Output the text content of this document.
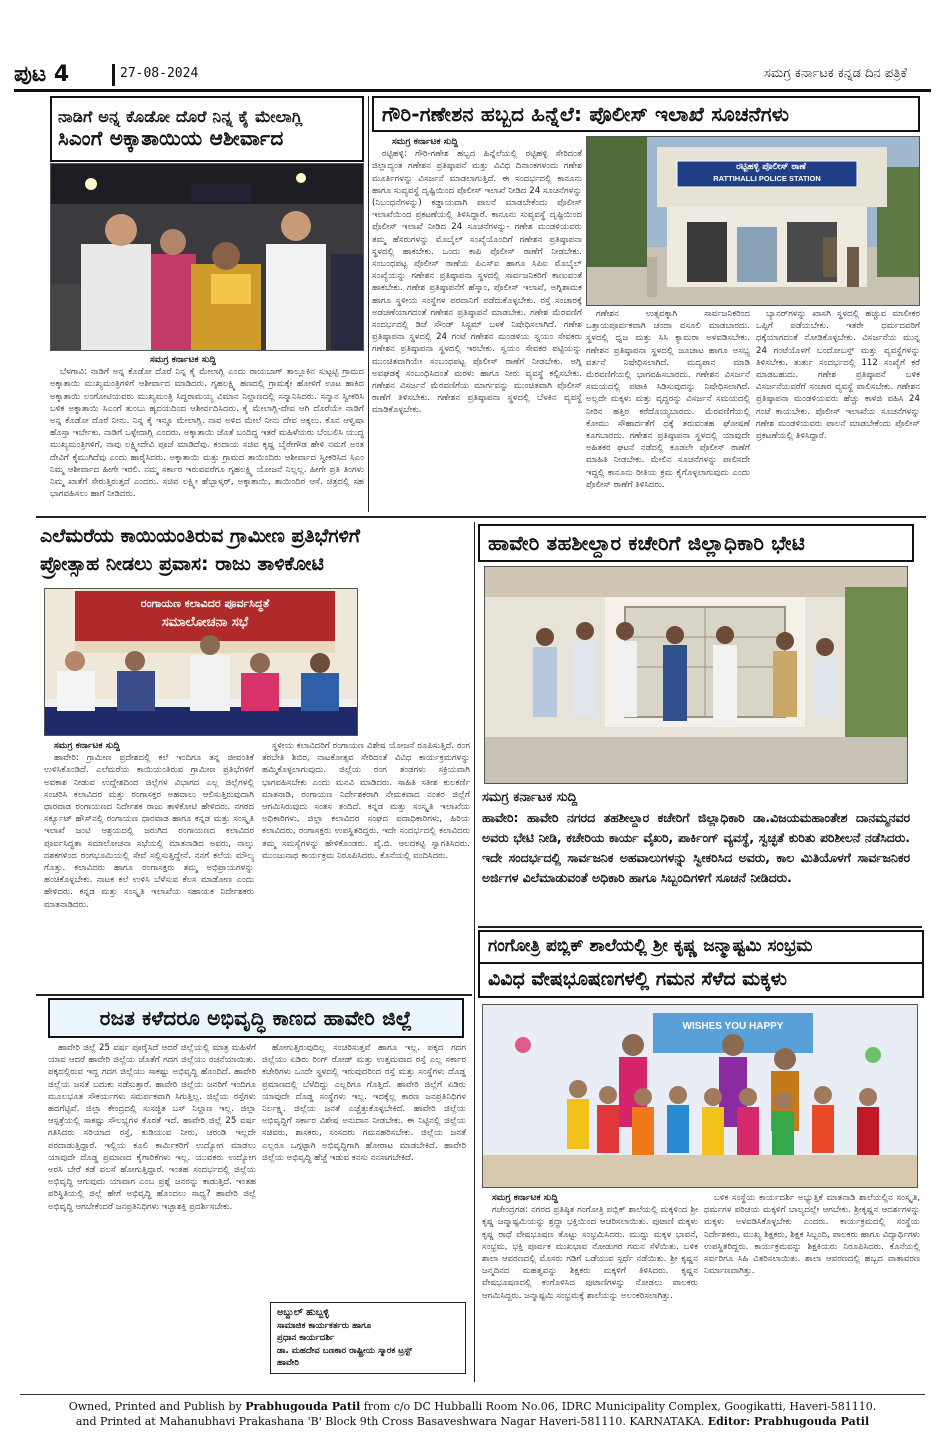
ಪುಟ 4	27-08-2024	ಸಮಗ್ರ ಕರ್ನಾಟಕ ಕನ್ನಡ ದಿನ ಪತ್ರಿಕೆ
ನಾಡಿಗೆ ಅನ್ನ ಕೊಡೋ ದೊರೆ ನಿನ್ನ ಕೈ ಮೇಲಾಗ್ಲಿ
ಸಿಎಂಗೆ ಅಕ್ಕಾತಾಯಿಯ ಆಶೀರ್ವಾದ
ಸಮಗ್ರ ಕರ್ನಾಟಕ ಸುದ್ದಿ

ಬೆಳಗಾವಿ: ನಾಡಿಗೆ ಅನ್ನ ಕೊಡೋ ದೊರೆ ನಿನ್ನ ಕೈ ಮೇಲಾಗ್ಲಿ ಎಂದು ರಾಯಬಾಗ್ ತಾಲ್ಲೂಕಿನ ಸುಟ್ಟಟ್ಟಿ ಗ್ರಾಮದ ಅಕ್ಕಾತಾಯಿ ಮುಖ್ಯಮಂತ್ರಿಗಳಿಗೆ ಆಶೀರ್ವಾದ ಮಾಡಿದರು. ಗೃಹಲಕ್ಷ್ಮಿ ಹಣದಲ್ಲಿ ಗ್ರಾಮಕ್ಕೇ ಹೋಳಿಗೆ ಊಟ ಹಾಕಿದ ಅಕ್ಕಾತಾಯಿ ಲಂಗೋಟಿಯವರು ಮುಖ್ಯಮಂತ್ರಿ ಸಿದ್ದರಾಮಯ್ಯ ವಿಮಾನ ನಿಲ್ದಾಣದಲ್ಲಿ ಸನ್ಮಾನಿಸಿದರು. ಸನ್ಮಾನ ಸ್ವೀಕರಿಸಿ ಬಳಿಕ ಅಕ್ಕಾತಾಯಿ ಸಿಎಂಗೆ ತುಂಬು ಹೃದಯದಿಂದ ಆಶೀರ್ವದಿಸಿದರು. ಕೈ ಮೇಲಾಗ್ಲಿ-ದೇವ ಆಗಿ ದೊರೆಯೇ ನಾಡಿಗೆ ಅನ್ನ ಕೊಡೋ ದೊರೆ ನೀನು. ನಿನ್ನ ಕೈ ಇನ್ನೂ ಮೇಲಾಗ್ಲಿ. ನಾವ ಅಳಿದ ಮೇಲೆ ನೀನು ದೇವ ಅಕ್ಕಲು. ಕೊನ ಆಳ್ವಿಷಾ ಹೊಸ್ತಾ ಇರ್ಬೇಕು. ನಾಡಿಗೆ ಒಳ್ಳೇದಾಗ್ಲಿ ಎಂದರು. ಅಕ್ಕಾತಾಯಿ ಜೊತೆ ಬಂದಿದ್ದ ಇತರೆ ಮಹಿಳೆಯರು ಬೆಂಬಲಿಸಿ ಯುದ್ಧ ಮುಖ್ಯಮಂತ್ರಿಗಳಿಗೆ, ನಾವು ಲಕ್ಷ್ಮೀದೇವಿ ಪೂಜೆ ಮಾಡಿದೆವು. ಕಂದಾಯ ಸಚಿವ ಕೃಷ್ಣ ಬೈರೇಗೌಡ ಹೇಳಿ ನಮಗೆ ಅಂತ ದೇವಿಗೆ ಕೈಮುಗಿದೆವು ಎಂದು ಹಾರೈಸಿದರು. ಅಕ್ಕಾತಾಯಿ ಮತ್ತು ಗ್ರಾಮದ ತಾಯಿಂದಿರು ಆಶೀರ್ವಾದ ಸ್ವೀಕರಿಸಿದ ಸಿಎಂ ನಿಮ್ಮ ಆಶೀರ್ವಾದ ಹೀಗೇ ಇರಲಿ. ನಮ್ಮ ಸರ್ಕಾರ ಇರುವವರೆಗೂ ಗೃಹಲಕ್ಷ್ಮಿ ಯೋಜನೆ ನಿಲ್ಲಲ್ಲ. ಹೀಗೇ ಪ್ರತಿ ತಿಂಗಳು ನಿಮ್ಮ ಖಾತೆಗೆ ಸೇರುತ್ತಿರುತ್ತದೆ ಎಂದರು. ಸಚಿವ ಲಕ್ಷ್ಮೀ ಹೆಬ್ಬಾಳ್ಕರ್, ಅಕ್ಕಾತಾಯಿ, ತಾಯಿಂದಿರ ಆಸೆ. ಚಿತ್ರದಲ್ಲಿ ಸಹ ಭಾಗವಹಿಸಲು ಹಾಗೆ ನೀಡಿದರು.

ಗೌರಿ-ಗಣೇಶನ ಹಬ್ಬದ ಹಿನ್ನೆಲೆ: ಪೊಲೀಸ್ ಇಲಾಖೆ ಸೂಚನೆಗಳು
ಸಮಗ್ರ ಕರ್ನಾಟಕ ಸುದ್ದಿ

ರಟ್ಟಿಹಳ್ಳಿ: ಗೌರಿ-ಗಣೇಶ ಹಬ್ಬದ ಹಿನ್ನೆಲೆಯಲ್ಲಿ ರಟ್ಟಿಹಳ್ಳಿ ಸೇರಿದಂತೆ ಜಿಲ್ಲಾದ್ಯಂತ ಗಣೇಶನ ಪ್ರತಿಷ್ಠಾಪನೆ ಮತ್ತು ವಿವಿಧ ದಿನಾಂಕಗಳಂದು ಗಣೇಶ ಮೂರ್ತಿಗಳನ್ನು ವಿಸರ್ಜನೆ ಮಾಡಲಾಗುತ್ತಿದೆ. ಈ ಸಂದರ್ಭದಲ್ಲಿ ಕಾನೂನು ಹಾಗೂ ಸುವ್ಯವಸ್ಥೆ ದೃಷ್ಟಿಯಿಂದ ಪೊಲೀಸ್ ಇಲಾಖೆ ನೀಡಿದ 24 ಸೂಚನೆಗಳನ್ನು (ನಿಬಂಧನೆಗಳನ್ನು) ಕಡ್ಡಾಯವಾಗಿ ಪಾಲನೆ ಮಾಡಬೇಕೆಂದು ಪೊಲೀಸ್ ಇಲಾಖೆಯಿಂದ ಪ್ರಕಟಣೆಯಲ್ಲಿ ತಿಳಿಸಿದ್ದಾರೆ. ಕಾನೂನು ಸುವ್ಯವಸ್ಥೆ ದೃಷ್ಟಿಯಿಂದ ಪೊಲೀಸ್ ಇಲಾಖೆ ನೀಡಿದ 24 ಸೂಚನೆಗಳನ್ನು- ಗಣೇಶ ಮಂಡಳಿಯವರು ತಮ್ಮ ಹೆಸರುಗಳನ್ನು ಮೊಬೈಲ್ ಸಂಖ್ಯೆಯೊಂದಿಗೆ ಗಣೇಶನ ಪ್ರತಿಷ್ಠಾಪನಾ ಸ್ಥಳದಲ್ಲಿ ಹಾಕಬೇಕು. ಒಂದು ಕಾಪಿ ಪೊಲೀಸ್ ಠಾಣೆಗೆ ನೀಡಬೇಕು. ಸಂಬಂಧಪಟ್ಟ ಪೊಲೀಸ್ ಠಾಣೆಯ ಪಿಎಸ್‌ಐ ಹಾಗೂ ಸಿಪಿಐ ಮೊಬೈಲ್ ಸಂಖ್ಯೆಯನ್ನು ಗಣೇಶನ ಪ್ರತಿಷ್ಠಾಪನಾ ಸ್ಥಳದಲ್ಲಿ ಸಾರ್ವಜನಿಕರಿಗೆ ಕಾಣುವಂತೆ ಹಾಕಬೇಕು. ಗಣೇಶ ಪ್ರತಿಷ್ಠಾಪನೆಗೆ ಹೆಸ್ಕಾಂ, ಪೊಲೀಸ್ ಇಲಾಖೆ, ಅಗ್ನಿಶಾಮಕ ಹಾಗೂ ಸ್ಥಳೀಯ ಸಂಸ್ಥೆಗಳ ಪರವಾನಿಗೆ ಪಡೆದುಕೊಳ್ಳಬೇಕು. ರಸ್ತೆ ಸಂಚಾರಕ್ಕೆ ಅಡಚಣೆಯಾಗದಂತೆ ಗಣೇಶನ ಪ್ರತಿಷ್ಠಾಪನೆ ಮಾಡಬೇಕು. ಗಣೇಶ ಮೆರವಣಿಗೆ ಸಂದರ್ಭದಲ್ಲಿ ಡಿಜೆ ಸೌಂಡ್ ಸಿಸ್ಟಮ್ ಬಳಕೆ ನಿಷೇಧಿಸಲಾಗಿದೆ. ಗಣೇಶ ಪ್ರತಿಷ್ಠಾಪನಾ ಸ್ಥಳದಲ್ಲಿ 24 ಗಂಟೆ ಗಣೇಶನ ಮಂಡಳಿಯ ಸ್ವಯಂ ಸೇವಕರು ಗಣೇಶನ ಪ್ರತಿಷ್ಠಾಪನಾ ಸ್ಥಳದಲ್ಲಿ ಇರಬೇಕು. ಸ್ವಯಂ ಸೇವಕರ ಪಟ್ಟಿಯನ್ನು ಮುಂಚಿತವಾಗಿಯೇ ಸಂಬಂಧಪಟ್ಟ ಪೊಲೀಸ್ ಠಾಣೆಗೆ ನೀಡಬೇಕು. ಅಗ್ನಿ ಅವಘಡಕ್ಕೆ ಸಂಬಂಧಿಸಿದಂತೆ ಮರಳು ಹಾಗೂ ನೀರು ವ್ಯವಸ್ಥೆ ಕಲ್ಪಿಸಬೇಕು. ಗಣೇಶನ ವಿಸರ್ಜನೆ ಮೆರವಣಿಗೆಯ ಮಾರ್ಗವನ್ನು ಮುಂಚಿತವಾಗಿ ಪೊಲೀಸ್ ಠಾಣೆಗೆ ತಿಳಿಸಬೇಕು. ಗಣೇಶನ ಪ್ರತಿಷ್ಠಾಪನಾ ಸ್ಥಳದಲ್ಲಿ ಬೆಳಕಿನ ವ್ಯವಸ್ಥೆ ಮಾಡಿಕೊಳ್ಳಬೇಕು.

ರಟ್ಟಿಹಳ್ಳಿ ಪೊಲೀಸ್ ಠಾಣೆ
RATTIHALLI POLICE STATION

ಗಣೇಶನ ಉತ್ಸವಕ್ಕಾಗಿ ಸಾರ್ವಜನಿಕರಿಂದ ಒತ್ತಾಯಪೂರ್ವಕವಾಗಿ ಚಂದಾ ವಸೂಲಿ ಮಾಡಬಾರದು. ಸ್ಥಳದಲ್ಲಿ ಧ್ವಜ ಮತ್ತು ಸಿಸಿ ಕ್ಯಾಮರಾ ಅಳವಡಿಸಬೇಕು. ಗಣೇಶನ ಪ್ರತಿಷ್ಠಾಪನಾ ಸ್ಥಳದಲ್ಲಿ ಜೂಜಾಟ ಹಾಗೂ ಅಸಭ್ಯ ವರ್ತನೆ ನಿಷೇಧಿಸಲಾಗಿದೆ. ಮದ್ಯಪಾನ ಮಾಡಿ ಮೆರವಣಿಗೆಯಲ್ಲಿ ಭಾಗವಹಿಸಬಾರದು. ಗಣೇಶನ ವಿಸರ್ಜನೆ ಸಮಯದಲ್ಲಿ ಪಟಾಕಿ ಸಿಡಿಸುವುದನ್ನು ನಿಷೇಧಿಸಲಾಗಿದೆ. ಅಲ್ಲದೇ ಮಕ್ಕಳು ಮತ್ತು ವೃದ್ಧರನ್ನು ವಿಸರ್ಜನೆ ಸಮಯದಲ್ಲಿ ನೀರಿನ ಹತ್ತಿರ ಕರೆದೊಯ್ಯಬಾರದು. ಮೆರವಣಿಗೆಯಲ್ಲಿ ಕೋಮು ಸೌಹಾರ್ದತೆಗೆ ಧಕ್ಕೆ ತರುವಂತಹ ಘೋಷಣೆ ಕೂಗಬಾರದು. ಗಣೇಶನ ಪ್ರತಿಷ್ಠಾಪನಾ ಸ್ಥಳದಲ್ಲಿ ಯಾವುದೇ ಅಹಿತಕರ ಘಟನೆ ನಡೆದಲ್ಲಿ ಕೂಡಲೇ ಪೊಲೀಸ್ ಠಾಣೆಗೆ ಮಾಹಿತಿ ನೀಡಬೇಕು. ಮೇಲಿನ ಸೂಚನೆಗಳನ್ನು ಪಾಲಿಸದೇ ಇದ್ದಲ್ಲಿ ಕಾನೂನು ರೀತಿಯ ಕ್ರಮ ಕೈಗೊಳ್ಳಲಾಗುವುದು ಎಂದು ಪೊಲೀಸ್ ಠಾಣೆಗೆ ತಿಳಿಸಿದರು.

ಬ್ಯಾನರ್‌ಗಳನ್ನು ಖಾಸಗಿ ಸ್ಥಳದಲ್ಲಿ ಹಚ್ಚುವ ಮಾಲೀಕರ ಒಪ್ಪಿಗೆ ಪಡೆಯಬೇಕು. ಇತರೇ ಧರ್ಮದವರಿಗೆ ಧಕ್ಕೆಯಾಗದಂತೆ ನೋಡಿಕೊಳ್ಳಬೇಕು. ವಿಸರ್ಜನೆಯ ಮುನ್ನ 24 ಗಂಟೆಯೊಳಗೆ ಬಂದೋಬಸ್ತ್ ಮತ್ತು ವ್ಯವಸ್ಥೆಗಳನ್ನು ತಿಳಿಸಬೇಕು. ತುರ್ತು ಸಂದರ್ಭದಲ್ಲಿ 112 ಸಂಖ್ಯೆಗೆ ಕರೆ ಮಾಡಬಹುದು. ಗಣೇಶ ಪ್ರತಿಷ್ಠಾಪನೆ ಬಳಿಕ ವಿಸರ್ಜನೆಯವರೆಗೆ ಸಂಚಾರ ವ್ಯವಸ್ಥೆ ಪಾಲಿಸಬೇಕು. ಗಣೇಶನ ಪ್ರತಿಷ್ಠಾಪನಾ ಮಂಡಳಿಯವರು ಹೆಚ್ಚು ಕಾಳಜಿ ವಹಿಸಿ 24 ಗಂಟೆ ಕಾಯಬೇಕು. ಪೊಲೀಸ್ ಇಲಾಖೆಯ ಸೂಚನೆಗಳನ್ನು ಗಣೇಶ ಮಂಡಳಿಯವರು ಪಾಲನೆ ಮಾಡಬೇಕೆಂದು ಪೊಲೀಸ್ ಪ್ರಕಟಣೆಯಲ್ಲಿ ತಿಳಿಸಿದ್ದಾರೆ.

ಎಲೆಮರೆಯ ಕಾಯಿಯಂತಿರುವ ಗ್ರಾಮೀಣ ಪ್ರತಿಭೆಗಳಿಗೆ
ಪ್ರೋತ್ಸಾಹ ನೀಡಲು ಪ್ರವಾಸ: ರಾಜು ತಾಳಿಕೋಟಿ
ರಂಗಾಯಣ ಕಲಾವಿದರ ಪೂರ್ವಸಿದ್ಧತೆ
ಸಮಾಲೋಚನಾ ಸಭೆ
ಸಮಗ್ರ ಕರ್ನಾಟಕ ಸುದ್ದಿ

ಹಾವೇರಿ: ಗ್ರಾಮೀಣ ಪ್ರದೇಶದಲ್ಲಿ ಕಲೆ ಇಂದಿಗೂ ತನ್ನ ಜೀವಂತಿಕೆ ಉಳಿಸಿಕೊಂಡಿದೆ. ಎಲೆಮರೆಯ ಕಾಯಿಯಂತಿರುವ ಗ್ರಾಮೀಣ ಪ್ರತಿಭೆಗಳಿಗೆ ಅವಕಾಶ ನೀಡುವ ಉದ್ದೇಶದಿಂದ ಜಿಲ್ಲೆಗಳ ವಿಭಾಗದ ಎಲ್ಲ ಜಿಲ್ಲೆಗಳಲ್ಲಿ ಸಂಚರಿಸಿ ಕಲಾವಿದರ ಮತ್ತು ರಂಗಾಸಕ್ತರ ಅಹವಾಲು ಆಲಿಸುತ್ತಿರುವುದಾಗಿ ಧಾರವಾಡ ರಂಗಾಯಣದ ನಿರ್ದೇಶಕ ರಾಜು ತಾಳಿಕೋಟಿ ಹೇಳಿದರು. ನಗರದ ಸರ್ಕ್ಯೂಟ್ ಹೌಸ್‌ನಲ್ಲಿ ರಂಗಾಯಣ ಧಾರವಾಡ ಹಾಗೂ ಕನ್ನಡ ಮತ್ತು ಸಂಸ್ಕೃತಿ ಇಲಾಖೆ ಜಂಟಿ ಆಶ್ರಯದಲ್ಲಿ ಜರುಗಿದ ರಂಗಾಯಣದ ಕಲಾವಿದರ ಪೂರ್ವಸಿದ್ಧತಾ ಸಮಾಲೋಚನಾ ಸಭೆಯಲ್ಲಿ ಮಾತನಾಡಿದ ಅವರು, ನಾಲ್ಕು ದಶಕಗಳಿಂದ ರಂಗಭೂಮಿಯಲ್ಲಿ ಸೇವೆ ಸಲ್ಲಿಸುತ್ತಿದ್ದೇನೆ. ನನಗೆ ಕಲೆಯ ಮೌಲ್ಯ ಗೊತ್ತು. ಕಲಾವಿದರು ಹಾಗೂ ರಂಗಾಸಕ್ತರು ತಮ್ಮ ಅಭಿಪ್ರಾಯಗಳನ್ನು ಹಂಚಿಕೊಳ್ಳಬೇಕು. ನಾಟಕ ಕಲೆ ಉಳಿಸಿ ಬೆಳೆಸುವ ಕೆಲಸ ಮಾಡೋಣ ಎಂದು ಹೇಳಿದರು. ಕನ್ನಡ ಮತ್ತು ಸಂಸ್ಕೃತಿ ಇಲಾಖೆಯ ಸಹಾಯಕ ನಿರ್ದೇಶಕರು ಮಾತನಾಡಿದರು.

ಸ್ಥಳೀಯ ಕಲಾವಿದರಿಗೆ ರಂಗಾಯಣ ವಿಶೇಷ ಯೋಜನೆ ರೂಪಿಸುತ್ತಿದೆ. ರಂಗ ತರಬೇತಿ ಶಿಬಿರ, ನಾಟಕೋತ್ಸವ ಸೇರಿದಂತೆ ವಿವಿಧ ಕಾರ್ಯಕ್ರಮಗಳನ್ನು ಹಮ್ಮಿಕೊಳ್ಳಲಾಗುವುದು. ಜಿಲ್ಲೆಯ ರಂಗ ತಂಡಗಳು ಸಕ್ರಿಯವಾಗಿ ಭಾಗವಹಿಸಬೇಕು ಎಂದು ಮನವಿ ಮಾಡಿದರು. ಸಾಹಿತಿ ಸತೀಶ ಕುಲಕರ್ಣಿ ಮಾತನಾಡಿ, ರಂಗಾಯಣ ನಿರ್ದೇಶಕರಾಗಿ ನೇಮಕವಾದ ನಂತರ ಜಿಲ್ಲೆಗೆ ಆಗಮಿಸಿರುವುದು ಸಂತಸ ತಂದಿದೆ. ಕನ್ನಡ ಮತ್ತು ಸಂಸ್ಕೃತಿ ಇಲಾಖೆಯ ಅಧಿಕಾರಿಗಳು, ಜಿಲ್ಲಾ ಕಲಾವಿದರ ಸಂಘದ ಪದಾಧಿಕಾರಿಗಳು, ಹಿರಿಯ ಕಲಾವಿದರು, ರಂಗಾಸಕ್ತರು ಉಪಸ್ಥಿತರಿದ್ದರು. ಇದೇ ಸಂದರ್ಭದಲ್ಲಿ ಕಲಾವಿದರು ತಮ್ಮ ಸಮಸ್ಯೆಗಳನ್ನು ಹೇಳಿಕೊಂಡರು. ವೈ.ಬಿ. ಆಲದಕಟ್ಟಿ ಸ್ವಾಗತಿಸಿದರು. ಮುಂಜುನಾಥ ಕಾರ್ಯಕ್ರಮ ನಿರೂಪಿಸಿದರು. ಕೊನೆಯಲ್ಲಿ ವಂದಿಸಿದರು.

ಹಾವೇರಿ ತಹಶೀಲ್ದಾರ ಕಚೇರಿಗೆ ಜಿಲ್ಲಾಧಿಕಾರಿ ಭೇಟಿ
ಸಮಗ್ರ ಕರ್ನಾಟಕ ಸುದ್ದಿ
ಹಾವೇರಿ: ಹಾವೇರಿ ನಗರದ ತಹಶೀಲ್ದಾರ ಕಚೇರಿಗೆ ಜಿಲ್ಲಾಧಿಕಾರಿ ಡಾ.ವಿಜಯಮಹಾಂತೇಶ ದಾನಮ್ಮನವರ ಅವರು ಭೇಟಿ ನೀಡಿ, ಕಚೇರಿಯ ಕಾರ್ಯ ವೈಖರಿ, ಪಾರ್ಕಿಂಗ್ ವ್ಯವಸ್ಥೆ, ಸ್ವಚ್ಛತೆ ಕುರಿತು ಪರಿಶೀಲನೆ ನಡೆಸಿದರು. ಇದೇ ಸಂದರ್ಭದಲ್ಲಿ ಸಾರ್ವಜನಿಕ ಅಹವಾಲುಗಳನ್ನು ಸ್ವೀಕರಿಸಿದ ಅವರು, ಕಾಲ ಮಿತಿಯೊಳಗೆ ಸಾರ್ವಜನಿಕರ ಅರ್ಜಿಗಳ ವಿಲೆಮಾಡುವಂತೆ ಅಧಿಕಾರಿ ಹಾಗೂ ಸಿಬ್ಬಂದಿಗಳಿಗೆ ಸೂಚನೆ ನೀಡಿದರು.
ಗಂಗೋತ್ರಿ ಪಬ್ಲಿಕ್ ಶಾಲೆಯಲ್ಲಿ ಶ್ರೀ ಕೃಷ್ಣ ಜನ್ಮಾಷ್ಟಮಿ ಸಂಭ್ರಮ
ವಿವಿಧ ವೇಷಭೂಷಣಗಳಲ್ಲಿ ಗಮನ ಸೆಳೆದ ಮಕ್ಕಳು
WISHES YOU HAPPY
ಸಮಗ್ರ ಕರ್ನಾಟಕ ಸುದ್ದಿ

ಗಜೇಂದ್ರಗಡ: ನಗರದ ಪ್ರತಿಷ್ಠಿತ ಗಂಗೋತ್ರಿ ಪಬ್ಲಿಕ್ ಶಾಲೆಯಲ್ಲಿ ಮಕ್ಕಳಿಂದ ಶ್ರೀ ಕೃಷ್ಣ ಜನ್ಮಾಷ್ಟಮಿಯನ್ನು ಶ್ರದ್ಧಾ ಭಕ್ತಿಯಿಂದ ಆಚರಿಸಲಾಯಿತು. ಪುಟಾಣಿ ಮಕ್ಕಳು ಕೃಷ್ಣ ರಾಧೆ ವೇಷಭೂಷಣ ತೊಟ್ಟು ಸಂಭ್ರಮಿಸಿದರು. ಮುದ್ದು ಮಕ್ಕಳ ಭಾವನೆ, ಸಂಭ್ರಮ, ಭಕ್ತಿ ಪೂರ್ವಕ ಮುಖಭಾವ ನೋಡುಗರ ಗಮನ ಸೆಳೆಯಿತು. ಬಳಿಕ ಶಾಲಾ ಆವರಣದಲ್ಲಿ ಮೊಸರು ಗಡಿಗೆ ಒಡೆಯುವ ಸ್ಪರ್ಧೆ ನಡೆಯಿತು. ಶ್ರೀ ಕೃಷ್ಣನ ಜನ್ಮದಿನದ ಮಹತ್ವವನ್ನು ಶಿಕ್ಷಕರು ಮಕ್ಕಳಿಗೆ ತಿಳಿಸಿದರು. ಕೃಷ್ಣನ ವೇಷಭೂಷಣದಲ್ಲಿ ಕಂಗೊಳಿಸಿದ ಪುಟಾಣಿಗಳನ್ನು ನೋಡಲು ಪಾಲಕರು ಆಗಮಿಸಿದ್ದರು. ಜನ್ಮಾಷ್ಟಮಿ ಸಂಭ್ರಮಕ್ಕೆ ಶಾಲೆಯನ್ನು ಅಲಂಕರಿಸಲಾಗಿತ್ತು.

ಬಳಿಕ ಸಂಸ್ಥೆಯ ಕಾರ್ಯದರ್ಶಿ ಅಭ್ಯುತ್ತಿಕೆ ಮಾತನಾಡಿ ಶಾಲೆಯಲ್ಲಿನ ಸಂಸ್ಕೃತಿ, ಧರ್ಮಗಳ ಪರಿಚಯ ಮಕ್ಕಳಿಗೆ ಬಾಲ್ಯದಲ್ಲೇ ಆಗಬೇಕು. ಶ್ರೀಕೃಷ್ಣನ ಆದರ್ಶಗಳನ್ನು ಮಕ್ಕಳು ಅಳವಡಿಸಿಕೊಳ್ಳಬೇಕು ಎಂದರು. ಕಾರ್ಯಕ್ರಮದಲ್ಲಿ ಸಂಸ್ಥೆಯ ನಿರ್ದೇಶಕರು, ಮುಖ್ಯ ಶಿಕ್ಷಕರು, ಶಿಕ್ಷಕ ಸಿಬ್ಬಂದಿ, ಪಾಲಕರು ಹಾಗೂ ವಿದ್ಯಾರ್ಥಿಗಳು ಉಪಸ್ಥಿತರಿದ್ದರು. ಕಾರ್ಯಕ್ರಮವನ್ನು ಶಿಕ್ಷಕಿಯರು ನಿರೂಪಿಸಿದರು. ಕೊನೆಯಲ್ಲಿ ಸರ್ವರಿಗೂ ಸಿಹಿ ವಿತರಿಸಲಾಯಿತು. ಶಾಲಾ ಆವರಣದಲ್ಲಿ ಹಬ್ಬದ ವಾತಾವರಣ ನಿರ್ಮಾಣವಾಗಿತ್ತು.

ರಜತ ಕಳೆದರೂ ಅಭಿವೃದ್ಧಿ ಕಾಣದ ಹಾವೇರಿ ಜಿಲ್ಲೆ

ಹಾವೇರಿ ಜಿಲ್ಲೆ 25 ವರ್ಷ ಪೂರೈಸಿದೆ ಆದರೆ ಜಿಲ್ಲೆಯಲ್ಲಿ ಮಾತ್ರ ಮಹಿಳೆಗೆ ಯಾವ ಆದರೆ ಹಾವೇರಿ ಜಿಲ್ಲೆಯ ಜೊತೆಗೆ ಗದಗ ಜಿಲ್ಲೆಯು ರಚನೆಯಾಯಿತು. ಪಕ್ಕದಲ್ಲಿರುವ ಇದ್ದ ಗದಗ ಜಿಲ್ಲೆಯು ಸಾಕಷ್ಟು ಅಭಿವೃದ್ಧಿ ಹೊಂದಿದೆ. ಹಾವೇರಿ ಜಿಲ್ಲೆಯ ಜನತೆ ಬದುಕು ನಡೆಸುತ್ತಾರೆ. ಹಾವೇರಿ ಜಿಲ್ಲೆಯ ಜನರಿಗೆ ಇಂದಿಗೂ ಮೂಲಭೂತ ಸೌಕರ್ಯಗಳು ಸಮರ್ಪಕವಾಗಿ ಸಿಗುತ್ತಿಲ್ಲ. ಜಿಲ್ಲೆಯ ರಸ್ತೆಗಳು ಹದಗೆಟ್ಟಿವೆ. ಜಿಲ್ಲಾ ಕೇಂದ್ರದಲ್ಲಿ ಸುಸಜ್ಜಿತ ಬಸ್ ನಿಲ್ದಾಣ ಇಲ್ಲ. ಜಿಲ್ಲಾ ಆಸ್ಪತ್ರೆಯಲ್ಲಿ ಸಾಕಷ್ಟು ಸೌಲಭ್ಯಗಳ ಕೊರತೆ ಇದೆ. ಹಾವೇರಿ ಜಿಲ್ಲೆ 25 ವರ್ಷ ಗತಿಸಿದರು ಸರಿಯಾದ ರಸ್ತೆ, ಕುಡಿಯುವ ನೀರು, ಚರಂಡಿ ಇಲ್ಲದೇ ಪರದಾಡುತ್ತಿದ್ದಾರೆ. ಇಲ್ಲಿಯ ಕೂಲಿ ಕಾರ್ಮಿಕರಿಗೆ ಉದ್ಯೋಗ ಮಾಡಲು ಯಾವುದೇ ದೊಡ್ಡ ಪ್ರಮಾಣದ ಕೈಗಾರಿಕೆಗಳು ಇಲ್ಲ. ಯುವಕರು ಉದ್ಯೋಗ ಅರಸಿ ಬೇರೆ ಕಡೆ ವಲಸೆ ಹೋಗುತ್ತಿದ್ದಾರೆ. ಇಂತಹ ಸಂದರ್ಭದಲ್ಲಿ ಜಿಲ್ಲೆಯ ಅಭಿವೃದ್ಧಿ ಆಗುವುದು ಯಾವಾಗ ಎಂಬ ಪ್ರಶ್ನೆ ಜನರನ್ನು ಕಾಡುತ್ತಿದೆ. ಇಂತಹ ಪರಿಸ್ಥಿತಿಯಲ್ಲಿ ಜಿಲ್ಲೆ ಹೇಗೆ ಅಭಿವೃದ್ಧಿ ಹೊಂದಲು ಸಾಧ್ಯ? ಹಾವೇರಿ ಜಿಲ್ಲೆ ಅಭಿವೃದ್ಧಿ ಆಗಬೇಕೆಂದರೆ ಜನಪ್ರತಿನಿಧಿಗಳು ಇಚ್ಛಾಶಕ್ತಿ ಪ್ರದರ್ಶಿಸಬೇಕು.

ಹೋಗುತ್ತಿರುವುದಿಲ್ಲ ಸಂಚರಿಸುತ್ತವೆ ಹಾಗೂ ಇಲ್ಲ. ಪಕ್ಕದ ಗದಗ ಜಿಲ್ಲೆಯು ಏಡಿರು ರಿಂಗ್ ರೋಡ್ ಮತ್ತು ಉತ್ತಮವಾದ ರಸ್ತೆ ಎಲ್ಲ ಸರ್ಕಾರ ಕಚೇರಿಗಳು ಒಂದೇ ಸ್ಥಳದಲ್ಲಿ ಇರುವುದರಿಂದ ರಸ್ತೆ ಮತ್ತು ಸಂಸ್ಥೆಗಳು ದೊಡ್ಡ ಪ್ರಮಾಣದಲ್ಲಿ ಬೆಳೆದಿದ್ದು ಎಲ್ಲರಿಗೂ ಗೊತ್ತಿದೆ. ಹಾವೇರಿ ಜಿಲ್ಲೆಗೆ ಏಡಿರು ಯಾವುದೇ ದೊಡ್ಡ ಸಂಸ್ಥೆಗಳು ಇಲ್ಲ. ಇದಕ್ಕೆಲ್ಲ ಕಾರಣ ಜನಪ್ರತಿನಿಧಿಗಳ ನಿರ್ಲಕ್ಷ್ಯ. ಜಿಲ್ಲೆಯ ಜನತೆ ಎಚ್ಚೆತ್ತುಕೊಳ್ಳಬೇಕಿದೆ. ಹಾವೇರಿ ಜಿಲ್ಲೆಯ ಅಭಿವೃದ್ಧಿಗೆ ಸರ್ಕಾರ ವಿಶೇಷ ಅನುದಾನ ನೀಡಬೇಕು. ಈ ನಿಟ್ಟಿನಲ್ಲಿ ಜಿಲ್ಲೆಯ ಸಚಿವರು, ಶಾಸಕರು, ಸಂಸದರು ಗಮನಹರಿಸಬೇಕು. ಜಿಲ್ಲೆಯ ಜನತೆ ಎಲ್ಲರೂ ಒಗ್ಗಟ್ಟಾಗಿ ಅಭಿವೃದ್ಧಿಗಾಗಿ ಹೋರಾಟ ಮಾಡಬೇಕಿದೆ. ಹಾವೇರಿ ಜಿಲ್ಲೆಯ ಅಭಿವೃದ್ಧಿ ಹೆಜ್ಜೆ ಇಡುವ ಕನಸು ನನಸಾಗಬೇಕಿದೆ.

ಅಬ್ದುಲ್ ಹುಬ್ಬಳ್ಳಿ
ಸಾಮಾಜಿಕ ಕಾರ್ಯಕರ್ತರು ಹಾಗೂ
ಪ್ರಧಾನ ಕಾರ್ಯದರ್ಶಿ
ಡಾ. ಮಹದೇವ ಬಣಕಾರ ರಾಷ್ಟ್ರೀಯ ಸ್ಮಾರಕ ಟ್ರಸ್ಟ್
ಹಾವೇರಿ
Owned, Printed and Publish by Prabhugouda Patil from c/o DC Hubballi Room No.06, IDRC Municipality Complex, Googikatti, Haveri-581110.
and Printed at Mahanubhavi Prakashana 'B' Block 9th Cross Basaveshwara Nagar Haveri-581110. KARNATAKA. Editor: Prabhugouda Patil
